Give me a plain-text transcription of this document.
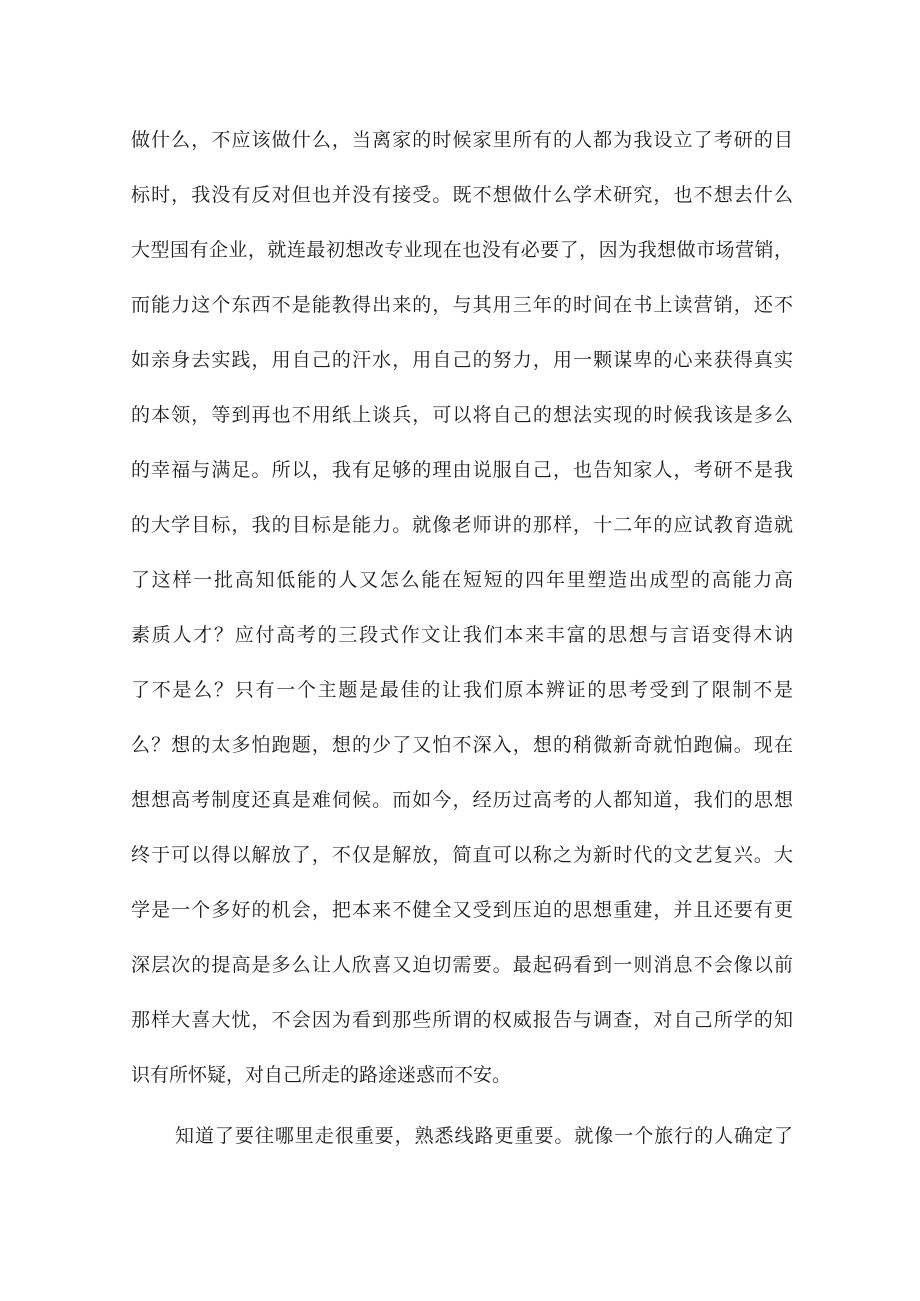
做什么，不应该做什么，当离家的时候家里所有的人都为我设立了考研的目
标时，我没有反对但也并没有接受。既不想做什么学术研究，也不想去什么
大型国有企业，就连最初想改专业现在也没有必要了，因为我想做市场营销，
而能力这个东西不是能教得出来的，与其用三年的时间在书上读营销，还不
如亲身去实践，用自己的汗水，用自己的努力，用一颗谋卑的心来获得真实
的本领，等到再也不用纸上谈兵，可以将自己的想法实现的时候我该是多么
的幸福与满足。所以，我有足够的理由说服自己，也告知家人，考研不是我
的大学目标，我的目标是能力。就像老师讲的那样，十二年的应试教育造就
了这样一批高知低能的人又怎么能在短短的四年里塑造出成型的高能力高
素质人才？应付高考的三段式作文让我们本来丰富的思想与言语变得木讷
了不是么？只有一个主题是最佳的让我们原本辨证的思考受到了限制不是
么？想的太多怕跑题，想的少了又怕不深入，想的稍微新奇就怕跑偏。现在
想想高考制度还真是难伺候。而如今，经历过高考的人都知道，我们的思想
终于可以得以解放了，不仅是解放，简直可以称之为新时代的文艺复兴。大
学是一个多好的机会，把本来不健全又受到压迫的思想重建，并且还要有更
深层次的提高是多么让人欣喜又迫切需要。最起码看到一则消息不会像以前
那样大喜大忧，不会因为看到那些所谓的权威报告与调查，对自己所学的知
识有所怀疑，对自己所走的路途迷惑而不安。
知道了要往哪里走很重要，熟悉线路更重要。就像一个旅行的人确定了
